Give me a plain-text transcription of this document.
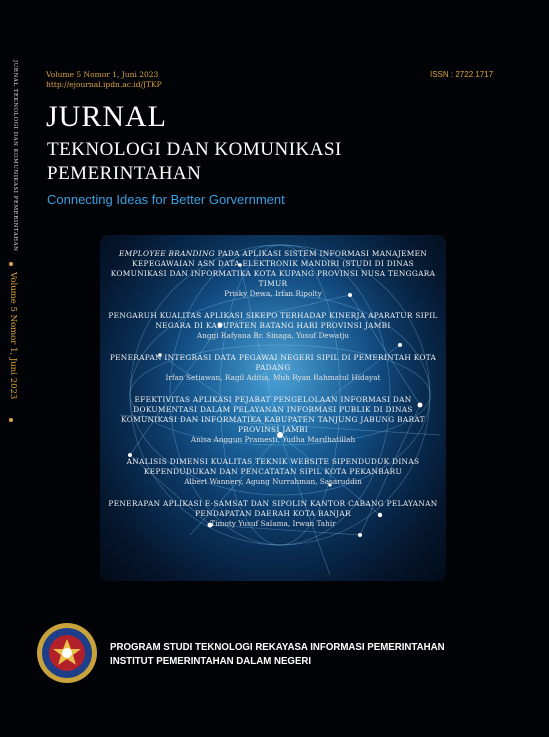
JURNAL TEKNOLOGI DAN KOMUNIKASI PEMERINTAHAN
Volume 5 Nomor 1, Juni 2023
Volume 5 Nomor 1, Juni 2023
http://ejournal.ipdn.ac.id/JTKP
ISSN : 2722 1717
JURNAL
TEKNOLOGI DAN KOMUNIKASI
PEMERINTAHAN
Connecting Ideas for Better Gorvernment
EMPLOYEE BRANDING PADA APLIKASI SISTEM INFORMASI MANAJEMEN KEPEGAWAIAN ASN DATA ELEKTRONIK MANDIRI (STUDI DI DINAS KOMUNIKASI DAN INFORMATIKA KOTA KUPANG PROVINSI NUSA TENGGARA TIMUR
Prisky Dewa, Irfan Ripolty
PENGARUH KUALITAS APLIKASI SIKEPO TERHADAP KINERJA APARATUR SIPIL NEGARA DI KABUPATEN BATANG HARI PROVINSI JAMBI
Anggi Rafyana Br. Sinaga, Yusuf Dewatju
PENERAPAN INTEGRASI DATA PEGAWAI NEGERI SIPIL DI PEMERINTAH KOTA PADANG
Irfan Setiawan, Ragil Aditia, Muh Ryan Rahmatul Hidayat
EFEKTIVITAS APLIKASI PEJABAT PENGELOLAAN INFORMASI DAN DOKUMENTASI DALAM PELAYANAN INFORMASI PUBLIK DI DINAS KOMUNIKASI DAN INFORMATIKA KABUPATEN TANJUNG JABUNG BARAT PROVINSI JAMBI
Anisa Anggun Pramesti, Yudha Mardhatillah
ANALISIS DIMENSI KUALITAS TEKNIK WEBSITE SIPENDUDUK DINAS KEPENDUDUKAN DAN PENCATATAN SIPIL KOTA PEKANBARU
Albert Wannery, Agung Nurrahman, Sasaruddin
PENERAPAN APLIKASI E-SAMSAT DAN SIPOLIN KANTOR CABANG PELAYANAN PENDAPATAN DAERAH KOTA BANJAR
Timoty Yusuf Salama, Irwan Tahir
PROGRAM STUDI TEKNOLOGI REKAYASA INFORMASI PEMERINTAHAN
INSTITUT PEMERINTAHAN DALAM NEGERI
